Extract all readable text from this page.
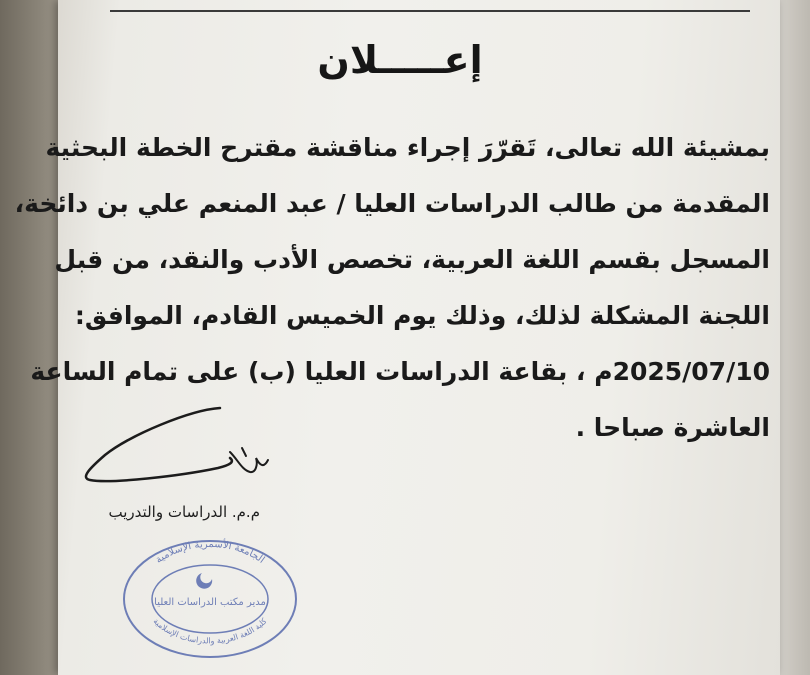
إعـــــلان
بمشيئة الله تعالى، تَقرّرَ إجراء مناقشة مقترح الخطة البحثية
المقدمة من طالب الدراسات العليا / عبد المنعم علي بن دائخة،
المسجل بقسم اللغة العربية، تخصص الأدب والنقد، من قبل
اللجنة المشكلة لذلك، وذلك يوم الخميس القادم، الموافق:
2025/07/10م ، بقاعة الدراسات العليا (ب) على تمام الساعة
العاشرة صباحا .
م.م. الدراسات والتدريب
الجامعة الأسمرية الإسلامية
كلية اللغة العربية والدراسات الإسلامية
مدير مكتب الدراسات العليا
